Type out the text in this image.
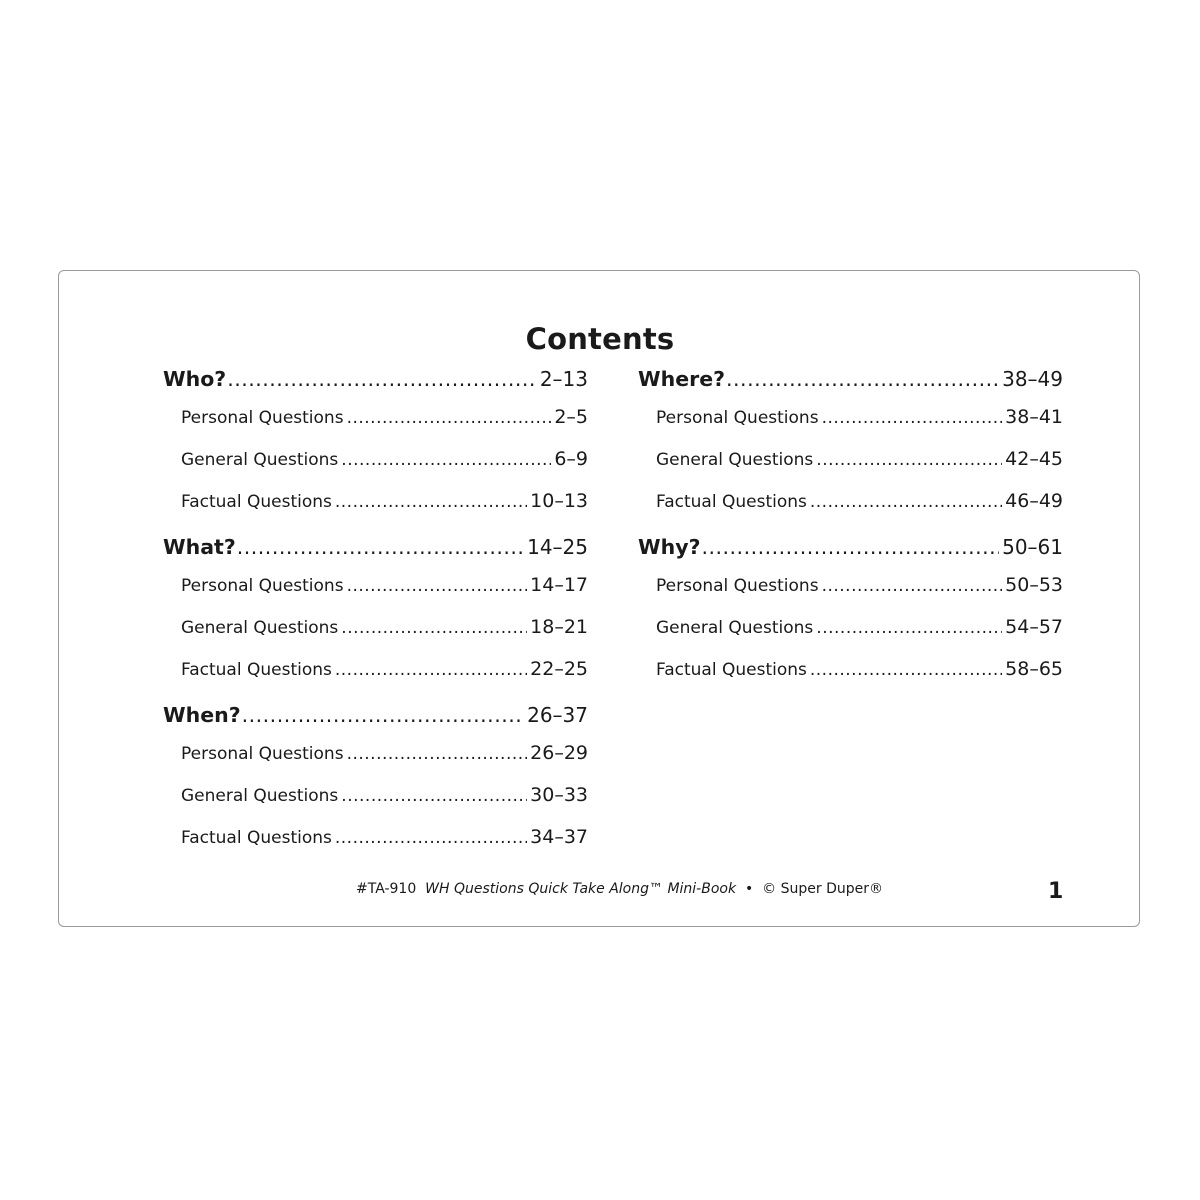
Contents
Who? .....	2–13
Personal Questions .....	2–5
General Questions .....	6–9
Factual Questions .....	10–13
What? .....	14–25
Personal Questions .....	14–17
General Questions .....	18–21
Factual Questions .....	22–25
When? .....	26–37
Personal Questions .....	26–29
General Questions .....	30–33
Factual Questions .....	34–37
Where? .....	38–49
Personal Questions .....	38–41
General Questions .....	42–45
Factual Questions .....	46–49
Why? .....	50–61
Personal Questions .....	50–53
General Questions .....	54–57
Factual Questions .....	58–65
#TA-910 WH Questions Quick Take Along™ Mini-Book • © Super Duper®	1
